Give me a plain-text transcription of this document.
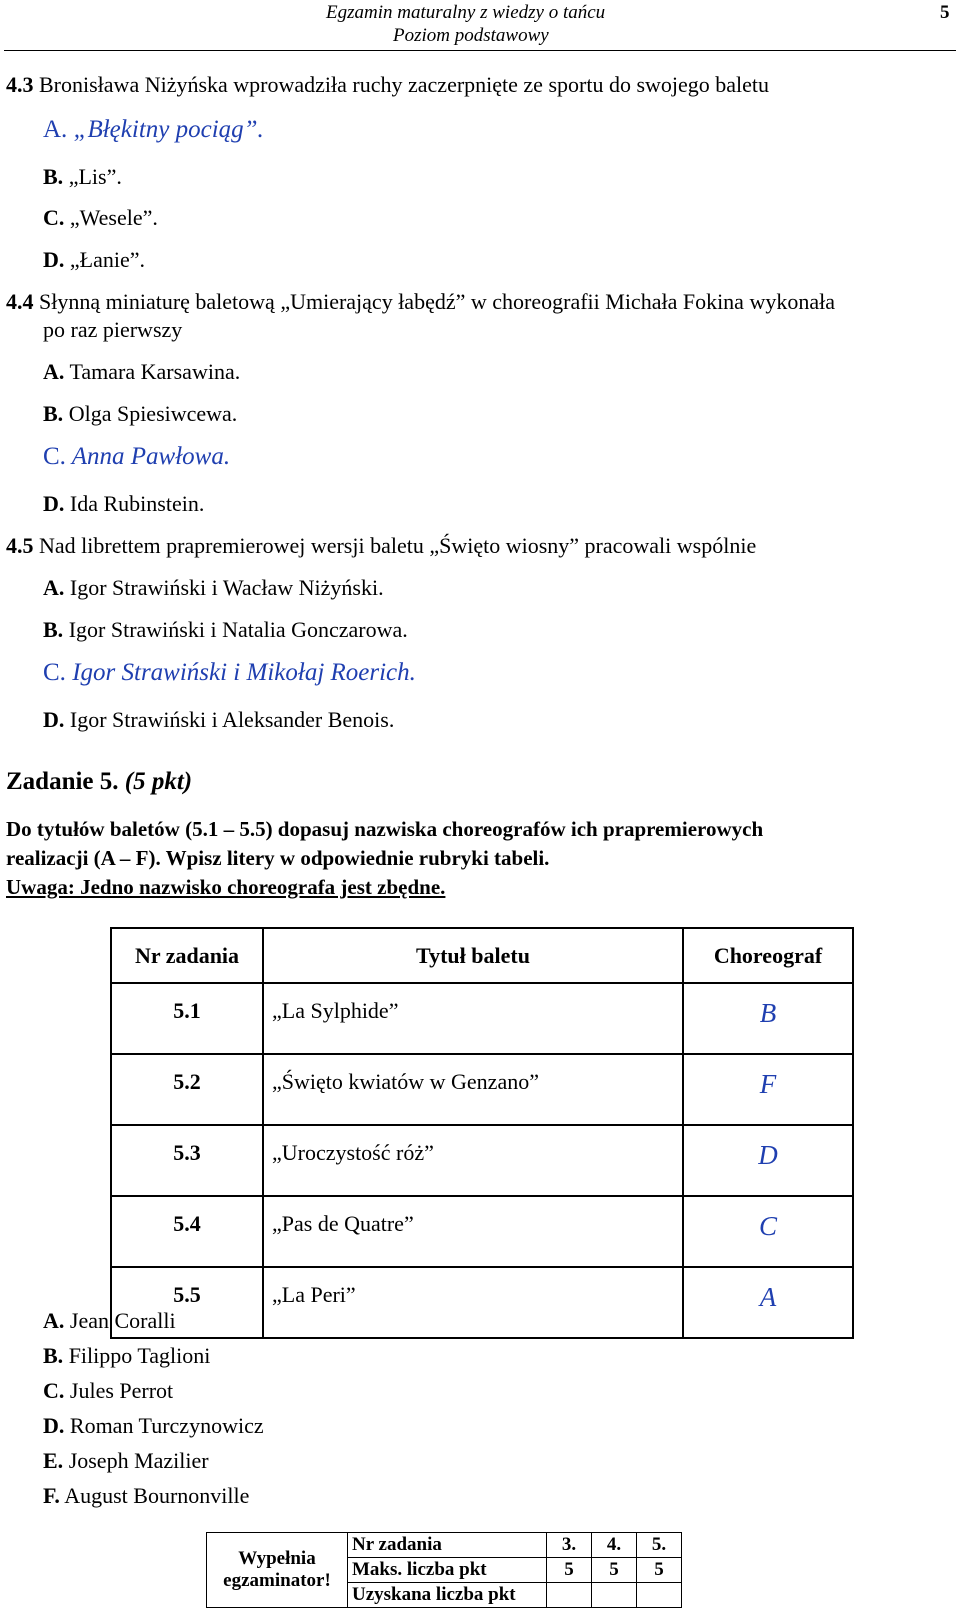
Egzamin maturalny z wiedzy o tańcu
Poziom podstawowy
5
4.3 Bronisława Niżyńska wprowadziła ruchy zaczerpnięte ze sportu do swojego baletu
A. „Błękitny pociąg”.
B. „Lis”.
C. „Wesele”.
D. „Łanie”.
4.4 Słynną miniaturę baletową „Umierający łabędź” w choreografii Michała Fokina wykonała
po raz pierwszy
A. Tamara Karsawina.
B. Olga Spiesiwcewa.
C. Anna Pawłowa.
D. Ida Rubinstein.
4.5 Nad librettem prapremierowej wersji baletu „Święto wiosny” pracowali wspólnie
A. Igor Strawiński i Wacław Niżyński.
B. Igor Strawiński i Natalia Gonczarowa.
C. Igor Strawiński i Mikołaj Roerich.
D. Igor Strawiński i Aleksander Benois.
Zadanie 5. (5 pkt)
Do tytułów baletów (5.1 – 5.5) dopasuj nazwiska choreografów ich prapremierowych
realizacji (A – F). Wpisz litery w odpowiednie rubryki tabeli.
Uwaga: Jedno nazwisko choreografa jest zbędne.
Nr zadania	Tytuł baletu	Choreograf
5.1	„La Sylphide”	B
5.2	„Święto kwiatów w Genzano”	F
5.3	„Uroczystość róż”	D
5.4	„Pas de Quatre”	C
5.5	„La Peri”	A
A. Jean Coralli
B. Filippo Taglioni
C. Jules Perrot
D. Roman Turczynowicz
E. Joseph Mazilier
F. August Bournonville
Wypełnia
egzaminator!	Nr zadania	3.	4.	5.
	Maks. liczba pkt	5	5	5
	Uzyskana liczba pkt			
